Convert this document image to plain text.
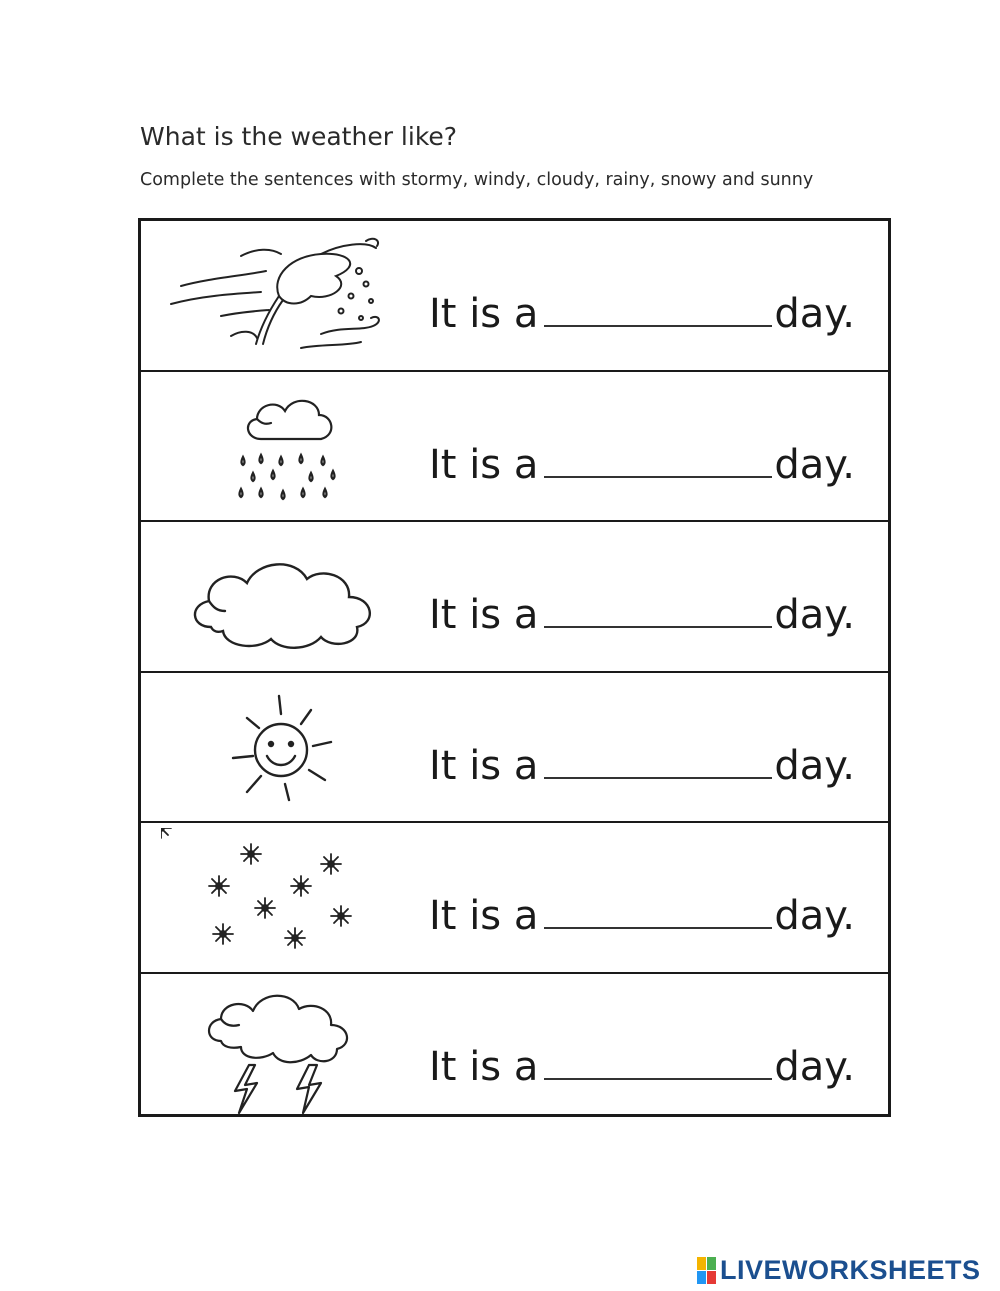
What is the weather like?
Complete the sentences with stormy, windy, cloudy, rainy, snowy and sunny
It is a	day.
It is a	day.
It is a	day.
It is a	day.
It is a	day.
It is a	day.
LIVEWORKSHEETS
